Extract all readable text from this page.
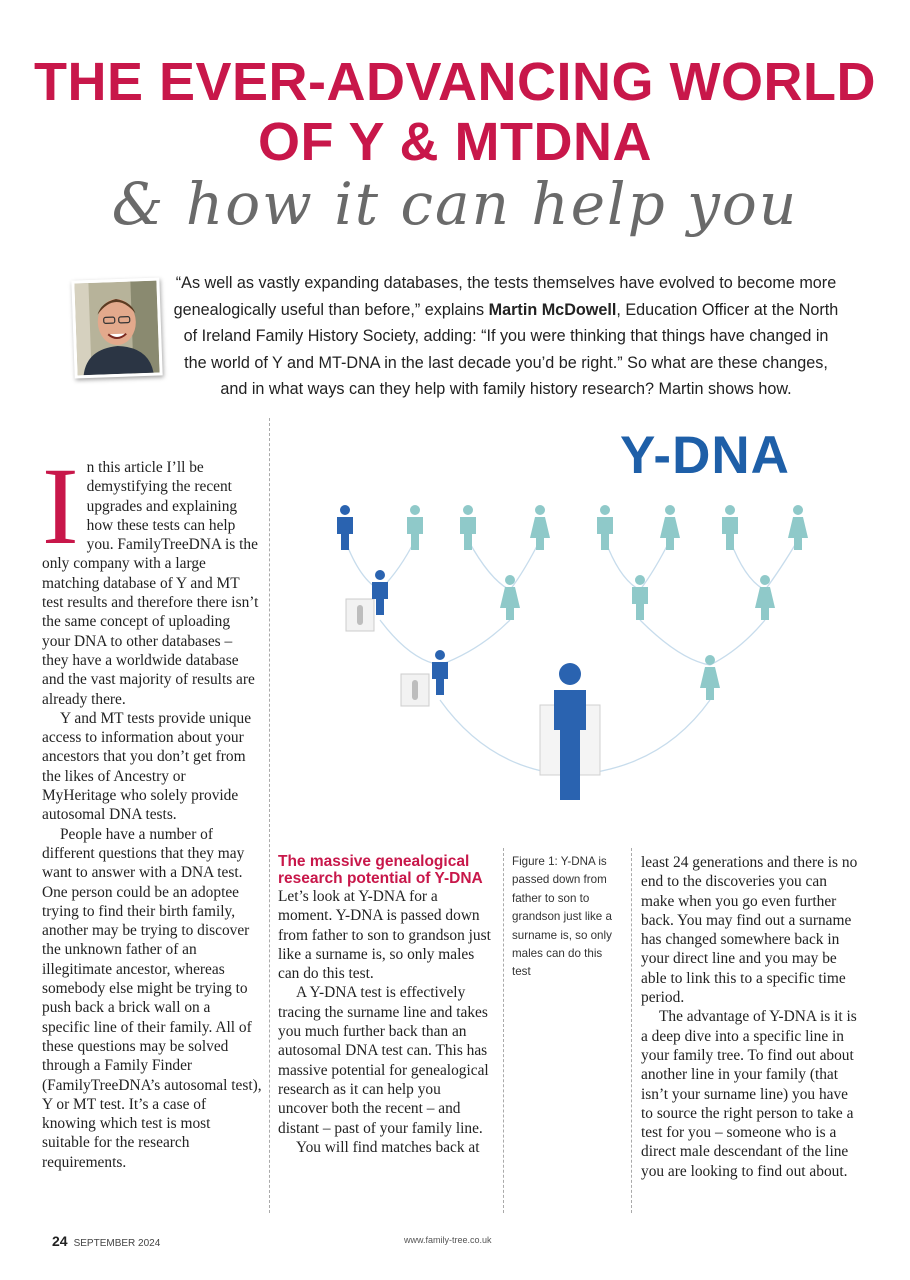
THE EVER-ADVANCING WORLD
OF Y & MTDNA
& how it can help you

“As well as vastly expanding databases, the tests themselves have evolved to become more genealogically useful than before,” explains Martin McDowell, Education Officer at the North of Ireland Family History Society, adding: “If you were thinking that things have changed in the world of Y and MT-DNA in the last decade you’d be right.” So what are these changes, and in what ways can they help with family history research? Martin shows how.

I n this article I’ll be demystifying the recent upgrades and explaining how these tests can help you. FamilyTreeDNA is the only company with a large matching database of Y and MT test results and therefore there isn’t the same concept of uploading your DNA to other databases – they have a worldwide database and the vast majority of results are already there.

Y and MT tests provide unique access to information about your ancestors that you don’t get from the likes of Ancestry or MyHeritage who solely provide autosomal DNA tests.

People have a number of different questions that they may want to answer with a DNA test. One person could be an adoptee trying to find their birth family, another may be trying to discover the unknown father of an illegitimate ancestor, whereas somebody else might be trying to push back a brick wall on a specific line of their family. All of these questions may be solved through a Family Finder (FamilyTreeDNA’s autosomal test), Y or MT test. It’s a case of knowing which test is most suitable for the research requirements.

Y-DNA
The massive genealogical research potential of Y-DNA

Let’s look at Y-DNA for a moment. Y-DNA is passed down from father to son to grandson just like a surname is, so only males can do this test.

A Y-DNA test is effectively tracing the surname line and takes you much further back than an autosomal DNA test can. This has massive potential for genealogical research as it can help you uncover both the recent – and distant – past of your family line.

You will find matches back at

Figure 1: Y-DNA is passed down from father to son to grandson just like a surname is, so only males can do this test

least 24 generations and there is no end to the discoveries you can make when you go even further back. You may find out a surname has changed somewhere back in your direct line and you may be able to link this to a specific time period.

The advantage of Y-DNA is it is a deep dive into a specific line in your family tree. To find out about another line in your family (that isn’t your surname line) you have to source the right person to take a test for you – someone who is a direct male descendant of the line you are looking to find out about.

24 SEPTEMBER 2024	www.family-tree.co.uk
